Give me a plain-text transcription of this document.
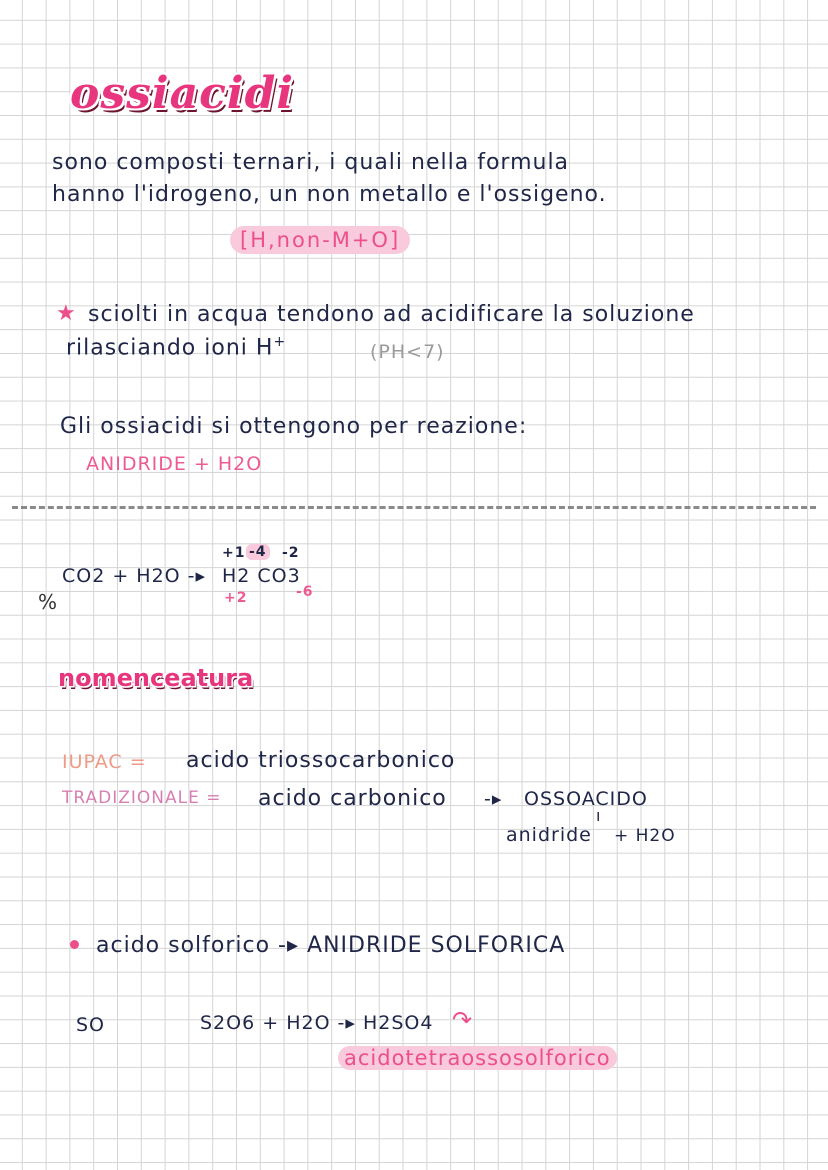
ossiacidi
sono composti ternari, i quali nella formula
hanno l'idrogeno, un non metallo e l'ossigeno.
[H,non-M+O]
★ sciolti in acqua tendono ad acidificare la soluzione
rilasciando ioni H+	(PH<7)
Gli ossiacidi si ottengono per reazione:
ANIDRIDE + H2O
+1 -4 -2
CO2 + H2O -▸ H2 CO3
+2	-6
%
nomenceatura
IUPAC = acido triossocarbonico
TRADIZIONALE = acido carbonico -▸ OSSOACIDO
ı
anidride + H2O
acido solforico -▸ ANIDRIDE SOLFORICA
SO	S2O6 + H2O -▸ H2SO4 ↷
acidotetraossosolforico
